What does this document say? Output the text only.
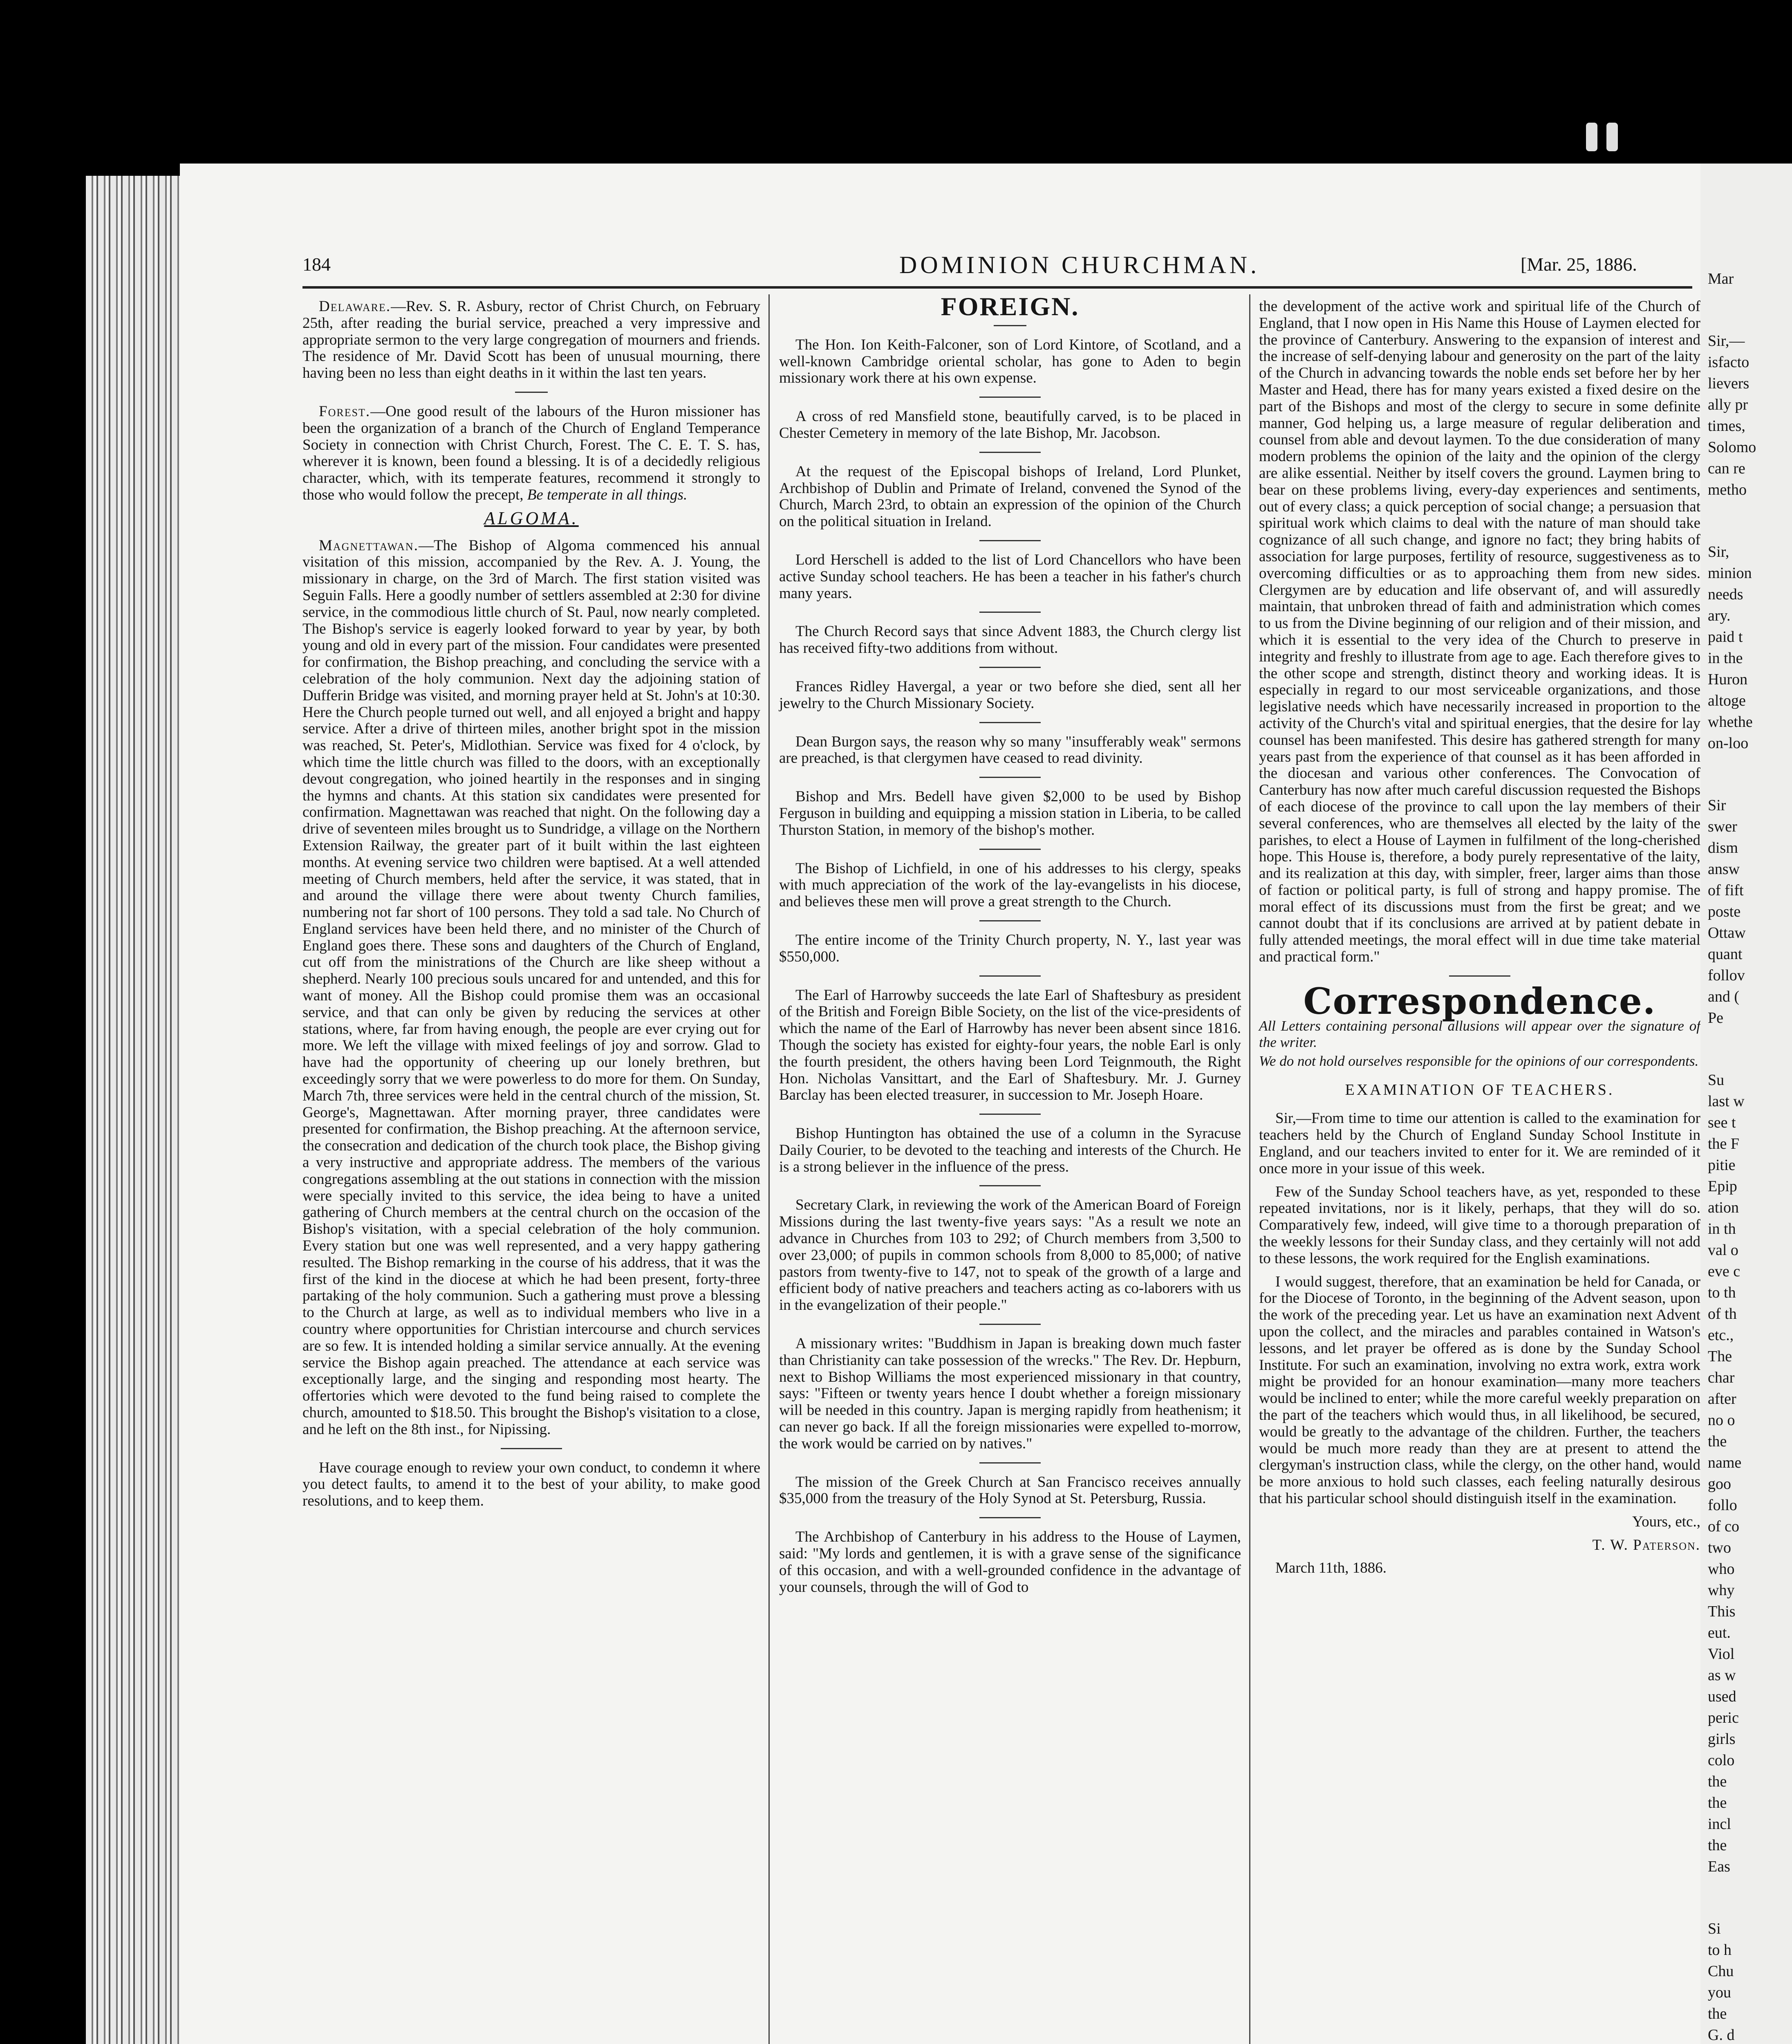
184	DOMINION CHURCHMAN.	[Mar. 25, 1886.

Delaware.—Rev. S. R. Asbury, rector of Christ Church, on February 25th, after reading the burial service, preached a very impressive and appropriate sermon to the very large congregation of mourners and friends. The residence of Mr. David Scott has been of unusual mourning, there having been no less than eight deaths in it within the last ten years.

Forest.—One good result of the labours of the Huron missioner has been the organization of a branch of the Church of England Temperance Society in connection with Christ Church, Forest. The C. E. T. S. has, wherever it is known, been found a blessing. It is of a decidedly religious character, which, with its temperate features, recommend it strongly to those who would follow the precept, Be temperate in all things.

ALGOMA.

Magnettawan.—The Bishop of Algoma commenced his annual visitation of this mission, accompanied by the Rev. A. J. Young, the missionary in charge, on the 3rd of March. The first station visited was Seguin Falls. Here a goodly number of settlers assembled at 2:30 for divine service, in the commodious little church of St. Paul, now nearly completed. The Bishop's service is eagerly looked forward to year by year, by both young and old in every part of the mission. Four candidates were presented for confirmation, the Bishop preaching, and concluding the service with a celebration of the holy communion. Next day the adjoining station of Dufferin Bridge was visited, and morning prayer held at St. John's at 10:30. Here the Church people turned out well, and all enjoyed a bright and happy service. After a drive of thirteen miles, another bright spot in the mission was reached, St. Peter's, Midlothian. Service was fixed for 4 o'clock, by which time the little church was filled to the doors, with an exceptionally devout congregation, who joined heartily in the responses and in singing the hymns and chants. At this station six candidates were presented for confirmation. Magnettawan was reached that night. On the following day a drive of seventeen miles brought us to Sundridge, a village on the Northern Extension Railway, the greater part of it built within the last eighteen months. At evening service two children were baptised. At a well attended meeting of Church members, held after the service, it was stated, that in and around the village there were about twenty Church families, numbering not far short of 100 persons. They told a sad tale. No Church of England services have been held there, and no minister of the Church of England goes there. These sons and daughters of the Church of England, cut off from the ministrations of the Church are like sheep without a shepherd. Nearly 100 precious souls uncared for and untended, and this for want of money. All the Bishop could promise them was an occasional service, and that can only be given by reducing the services at other stations, where, far from having enough, the people are ever crying out for more. We left the village with mixed feelings of joy and sorrow. Glad to have had the opportunity of cheering up our lonely brethren, but exceedingly sorry that we were powerless to do more for them. On Sunday, March 7th, three services were held in the central church of the mission, St. George's, Magnettawan. After morning prayer, three candidates were presented for confirmation, the Bishop preaching. At the afternoon service, the consecration and dedication of the church took place, the Bishop giving a very instructive and appropriate address. The members of the various congregations assembling at the out stations in connection with the mission were specially invited to this service, the idea being to have a united gathering of Church members at the central church on the occasion of the Bishop's visitation, with a special celebration of the holy communion. Every station but one was well represented, and a very happy gathering resulted. The Bishop remarking in the course of his address, that it was the first of the kind in the diocese at which he had been present, forty-three partaking of the holy communion. Such a gathering must prove a blessing to the Church at large, as well as to individual members who live in a country where opportunities for Christian intercourse and church services are so few. It is intended holding a similar service annually. At the evening service the Bishop again preached. The attendance at each service was exceptionally large, and the singing and responding most hearty. The offertories which were devoted to the fund being raised to complete the church, amounted to $18.50. This brought the Bishop's visitation to a close, and he left on the 8th inst., for Nipissing.

Have courage enough to review your own conduct, to condemn it where you detect faults, to amend it to the best of your ability, to make good resolutions, and to keep them.

FOREIGN.

The Hon. Ion Keith-Falconer, son of Lord Kintore, of Scotland, and a well-known Cambridge oriental scholar, has gone to Aden to begin missionary work there at his own expense.

A cross of red Mansfield stone, beautifully carved, is to be placed in Chester Cemetery in memory of the late Bishop, Mr. Jacobson.

At the request of the Episcopal bishops of Ireland, Lord Plunket, Archbishop of Dublin and Primate of Ireland, convened the Synod of the Church, March 23rd, to obtain an expression of the opinion of the Church on the political situation in Ireland.

Lord Herschell is added to the list of Lord Chancellors who have been active Sunday school teachers. He has been a teacher in his father's church many years.

The Church Record says that since Advent 1883, the Church clergy list has received fifty-two additions from without.

Frances Ridley Havergal, a year or two before she died, sent all her jewelry to the Church Missionary Society.

Dean Burgon says, the reason why so many "insufferably weak" sermons are preached, is that clergymen have ceased to read divinity.

Bishop and Mrs. Bedell have given $2,000 to be used by Bishop Ferguson in building and equipping a mission station in Liberia, to be called Thurston Station, in memory of the bishop's mother.

The Bishop of Lichfield, in one of his addresses to his clergy, speaks with much appreciation of the work of the lay-evangelists in his diocese, and believes these men will prove a great strength to the Church.

The entire income of the Trinity Church property, N. Y., last year was $550,000.

The Earl of Harrowby succeeds the late Earl of Shaftesbury as president of the British and Foreign Bible Society, on the list of the vice-presidents of which the name of the Earl of Harrowby has never been absent since 1816. Though the society has existed for eighty-four years, the noble Earl is only the fourth president, the others having been Lord Teignmouth, the Right Hon. Nicholas Vansittart, and the Earl of Shaftesbury. Mr. J. Gurney Barclay has been elected treasurer, in succession to Mr. Joseph Hoare.

Bishop Huntington has obtained the use of a column in the Syracuse Daily Courier, to be devoted to the teaching and interests of the Church. He is a strong believer in the influence of the press.

Secretary Clark, in reviewing the work of the American Board of Foreign Missions during the last twenty-five years says: "As a result we note an advance in Churches from 103 to 292; of Church members from 3,500 to over 23,000; of pupils in common schools from 8,000 to 85,000; of native pastors from twenty-five to 147, not to speak of the growth of a large and efficient body of native preachers and teachers acting as co-laborers with us in the evangelization of their people."

A missionary writes: "Buddhism in Japan is breaking down much faster than Christianity can take possession of the wrecks." The Rev. Dr. Hepburn, next to Bishop Williams the most experienced missionary in that country, says: "Fifteen or twenty years hence I doubt whether a foreign missionary will be needed in this country. Japan is merging rapidly from heathenism; it can never go back. If all the foreign missionaries were expelled to-morrow, the work would be carried on by natives."

The mission of the Greek Church at San Francisco receives annually $35,000 from the treasury of the Holy Synod at St. Petersburg, Russia.

The Archbishop of Canterbury in his address to the House of Laymen, said: "My lords and gentlemen, it is with a grave sense of the significance of this occasion, and with a well-grounded confidence in the advantage of your counsels, through the will of God to

the development of the active work and spiritual life of the Church of England, that I now open in His Name this House of Laymen elected for the province of Canterbury. Answering to the expansion of interest and the increase of self-denying labour and generosity on the part of the laity of the Church in advancing towards the noble ends set before her by her Master and Head, there has for many years existed a fixed desire on the part of the Bishops and most of the clergy to secure in some definite manner, God helping us, a large measure of regular deliberation and counsel from able and devout laymen. To the due consideration of many modern problems the opinion of the laity and the opinion of the clergy are alike essential. Neither by itself covers the ground. Laymen bring to bear on these problems living, every-day experiences and sentiments, out of every class; a quick perception of social change; a persuasion that spiritual work which claims to deal with the nature of man should take cognizance of all such change, and ignore no fact; they bring habits of association for large purposes, fertility of resource, suggestiveness as to overcoming difficulties or as to approaching them from new sides. Clergymen are by education and life observant of, and will assuredly maintain, that unbroken thread of faith and administration which comes to us from the Divine beginning of our religion and of their mission, and which it is essential to the very idea of the Church to preserve in integrity and freshly to illustrate from age to age. Each therefore gives to the other scope and strength, distinct theory and working ideas. It is especially in regard to our most serviceable organizations, and those legislative needs which have necessarily increased in proportion to the activity of the Church's vital and spiritual energies, that the desire for lay counsel has been manifested. This desire has gathered strength for many years past from the experience of that counsel as it has been afforded in the diocesan and various other conferences. The Convocation of Canterbury has now after much careful discussion requested the Bishops of each diocese of the province to call upon the lay members of their several conferences, who are themselves all elected by the laity of the parishes, to elect a House of Laymen in fulfilment of the long-cherished hope. This House is, therefore, a body purely representative of the laity, and its realization at this day, with simpler, freer, larger aims than those of faction or political party, is full of strong and happy promise. The moral effect of its discussions must from the first be great; and we cannot doubt that if its conclusions are arrived at by patient debate in fully attended meetings, the moral effect will in due time take material and practical form."

Correspondence.

All Letters containing personal allusions will appear over the signature of the writer.

We do not hold ourselves responsible for the opinions of our correspondents.

EXAMINATION OF TEACHERS.

Sir,—From time to time our attention is called to the examination for teachers held by the Church of England Sunday School Institute in England, and our teachers invited to enter for it. We are reminded of it once more in your issue of this week.

Few of the Sunday School teachers have, as yet, responded to these repeated invitations, nor is it likely, perhaps, that they will do so. Comparatively few, indeed, will give time to a thorough preparation of the weekly lessons for their Sunday class, and they certainly will not add to these lessons, the work required for the English examinations.

I would suggest, therefore, that an examination be held for Canada, or for the Diocese of Toronto, in the beginning of the Advent season, upon the work of the preceding year. Let us have an examination next Advent upon the collect, and the miracles and parables contained in Watson's lessons, and let prayer be offered as is done by the Sunday School Institute. For such an examination, involving no extra work, extra work might be provided for an honour examination—many more teachers would be inclined to enter; while the more careful weekly preparation on the part of the teachers which would thus, in all likelihood, be secured, would be greatly to the advantage of the children. Further, the teachers would be much more ready than they are at present to attend the clergyman's instruction class, while the clergy, on the other hand, would be more anxious to hold such classes, each feeling naturally desirous that his particular school should distinguish itself in the examination.

Yours, etc.,

T. W. Paterson.

March 11th, 1886.

Mar
Sir,—
isfacto
lievers
ally pr
times,
Solomo
can re
metho
Sir,
minion
needs
ary.
paid t
in the
Huron
altoge
whethe
on-loo
Sir
swer
dism
answ
of fift
poste
Ottaw
quant
follov
and (
Pe
Su
last w
see t
the F
pitie
Epip
ation
in th
val o
eve c
to th
of th
etc.,
The
char
after
no o
the
name
goo
follo
of co
two
who
why
This
eut.
Viol
as w
used
peric
girls
colo
the
the
incl
the
Eas
Si
to h
Chu
you
the
G. d
